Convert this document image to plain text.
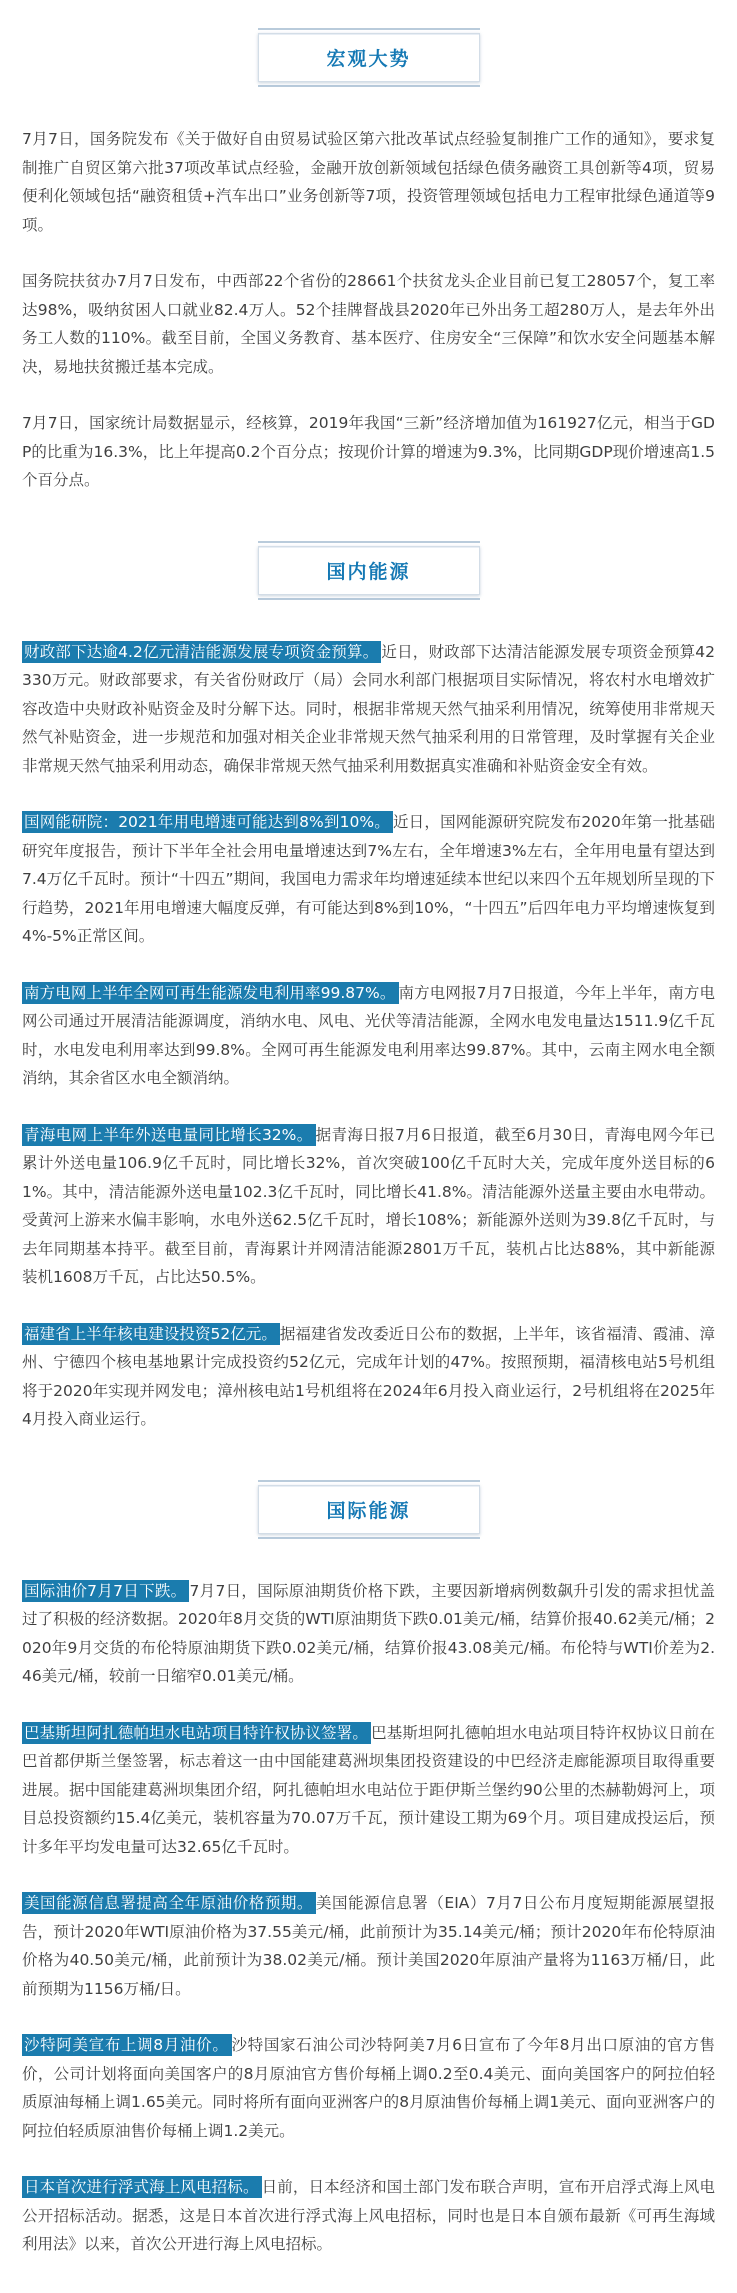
宏观大势

7月7日，国务院发布《关于做好自由贸易试验区第六批改革试点经验复制推广工作的通知》，要求复制推广自贸区第六批37项改革试点经验，金融开放创新领域包括绿色债务融资工具创新等4项，贸易便利化领域包括“融资租赁+汽车出口”业务创新等7项，投资管理领域包括电力工程审批绿色通道等9项。

国务院扶贫办7月7日发布，中西部22个省份的28661个扶贫龙头企业目前已复工28057个，复工率达98%，吸纳贫困人口就业82.4万人。52个挂牌督战县2020年已外出务工超280万人，是去年外出务工人数的110%。截至目前，全国义务教育、基本医疗、住房安全“三保障”和饮水安全问题基本解决，易地扶贫搬迁基本完成。

7月7日，国家统计局数据显示，经核算，2019年我国“三新”经济增加值为161927亿元，相当于GDP的比重为16.3%，比上年提高0.2个百分点；按现价计算的增速为9.3%，比同期GDP现价增速高1.5个百分点。

国内能源

财政部下达逾4.2亿元清洁能源发展专项资金预算。 近日，财政部下达清洁能源发展专项资金预算42330万元。财政部要求，有关省份财政厅（局）会同水利部门根据项目实际情况，将农村水电增效扩容改造中央财政补贴资金及时分解下达。同时，根据非常规天然气抽采利用情况，统筹使用非常规天然气补贴资金，进一步规范和加强对相关企业非常规天然气抽采利用的日常管理，及时掌握有关企业非常规天然气抽采利用动态，确保非常规天然气抽采利用数据真实准确和补贴资金安全有效。

国网能研院：2021年用电增速可能达到8%到10%。 近日，国网能源研究院发布2020年第一批基础研究年度报告，预计下半年全社会用电量增速达到7%左右，全年增速3%左右，全年用电量有望达到7.4万亿千瓦时。预计“十四五”期间，我国电力需求年均增速延续本世纪以来四个五年规划所呈现的下行趋势，2021年用电增速大幅度反弹，有可能达到8%到10%，“十四五”后四年电力平均增速恢复到4%-5%正常区间。

南方电网上半年全网可再生能源发电利用率99.87%。 南方电网报7月7日报道，今年上半年，南方电网公司通过开展清洁能源调度，消纳水电、风电、光伏等清洁能源，全网水电发电量达1511.9亿千瓦时，水电发电利用率达到99.8%。全网可再生能源发电利用率达99.87%。其中，云南主网水电全额消纳，其余省区水电全额消纳。

青海电网上半年外送电量同比增长32%。 据青海日报7月6日报道，截至6月30日，青海电网今年已累计外送电量106.9亿千瓦时，同比增长32%，首次突破100亿千瓦时大关，完成年度外送目标的61%。其中，清洁能源外送电量102.3亿千瓦时，同比增长41.8%。清洁能源外送量主要由水电带动。受黄河上游来水偏丰影响，水电外送62.5亿千瓦时，增长108%；新能源外送则为39.8亿千瓦时，与去年同期基本持平。截至目前，青海累计并网清洁能源2801万千瓦，装机占比达88%，其中新能源装机1608万千瓦，占比达50.5%。

福建省上半年核电建设投资52亿元。 据福建省发改委近日公布的数据，上半年，该省福清、霞浦、漳州、宁德四个核电基地累计完成投资约52亿元，完成年计划的47%。按照预期，福清核电站5号机组将于2020年实现并网发电；漳州核电站1号机组将在2024年6月投入商业运行，2号机组将在2025年4月投入商业运行。

国际能源

国际油价7月7日下跌。 7月7日，国际原油期货价格下跌，主要因新增病例数飙升引发的需求担忧盖过了积极的经济数据。2020年8月交货的WTI原油期货下跌0.01美元/桶，结算价报40.62美元/桶；2020年9月交货的布伦特原油期货下跌0.02美元/桶，结算价报43.08美元/桶。布伦特与WTI价差为2.46美元/桶，较前一日缩窄0.01美元/桶。

巴基斯坦阿扎德帕坦水电站项目特许权协议签署。 巴基斯坦阿扎德帕坦水电站项目特许权协议日前在巴首都伊斯兰堡签署，标志着这一由中国能建葛洲坝集团投资建设的中巴经济走廊能源项目取得重要进展。据中国能建葛洲坝集团介绍，阿扎德帕坦水电站位于距伊斯兰堡约90公里的杰赫勒姆河上，项目总投资额约15.4亿美元，装机容量为70.07万千瓦，预计建设工期为69个月。项目建成投运后，预计多年平均发电量可达32.65亿千瓦时。

美国能源信息署提高全年原油价格预期。 美国能源信息署（EIA）7月7日公布月度短期能源展望报告，预计2020年WTI原油价格为37.55美元/桶，此前预计为35.14美元/桶；预计2020年布伦特原油价格为40.50美元/桶，此前预计为38.02美元/桶。预计美国2020年原油产量将为1163万桶/日，此前预期为1156万桶/日。

沙特阿美宣布上调8月油价。 沙特国家石油公司沙特阿美7月6日宣布了今年8月出口原油的官方售价，公司计划将面向美国客户的8月原油官方售价每桶上调0.2至0.4美元、面向美国客户的阿拉伯轻质原油每桶上调1.65美元。同时将所有面向亚洲客户的8月原油售价每桶上调1美元、面向亚洲客户的阿拉伯轻质原油售价每桶上调1.2美元。

日本首次进行浮式海上风电招标。 日前，日本经济和国土部门发布联合声明，宣布开启浮式海上风电公开招标活动。据悉，这是日本首次进行浮式海上风电招标，同时也是日本自颁布最新《可再生海域利用法》以来，首次公开进行海上风电招标。
